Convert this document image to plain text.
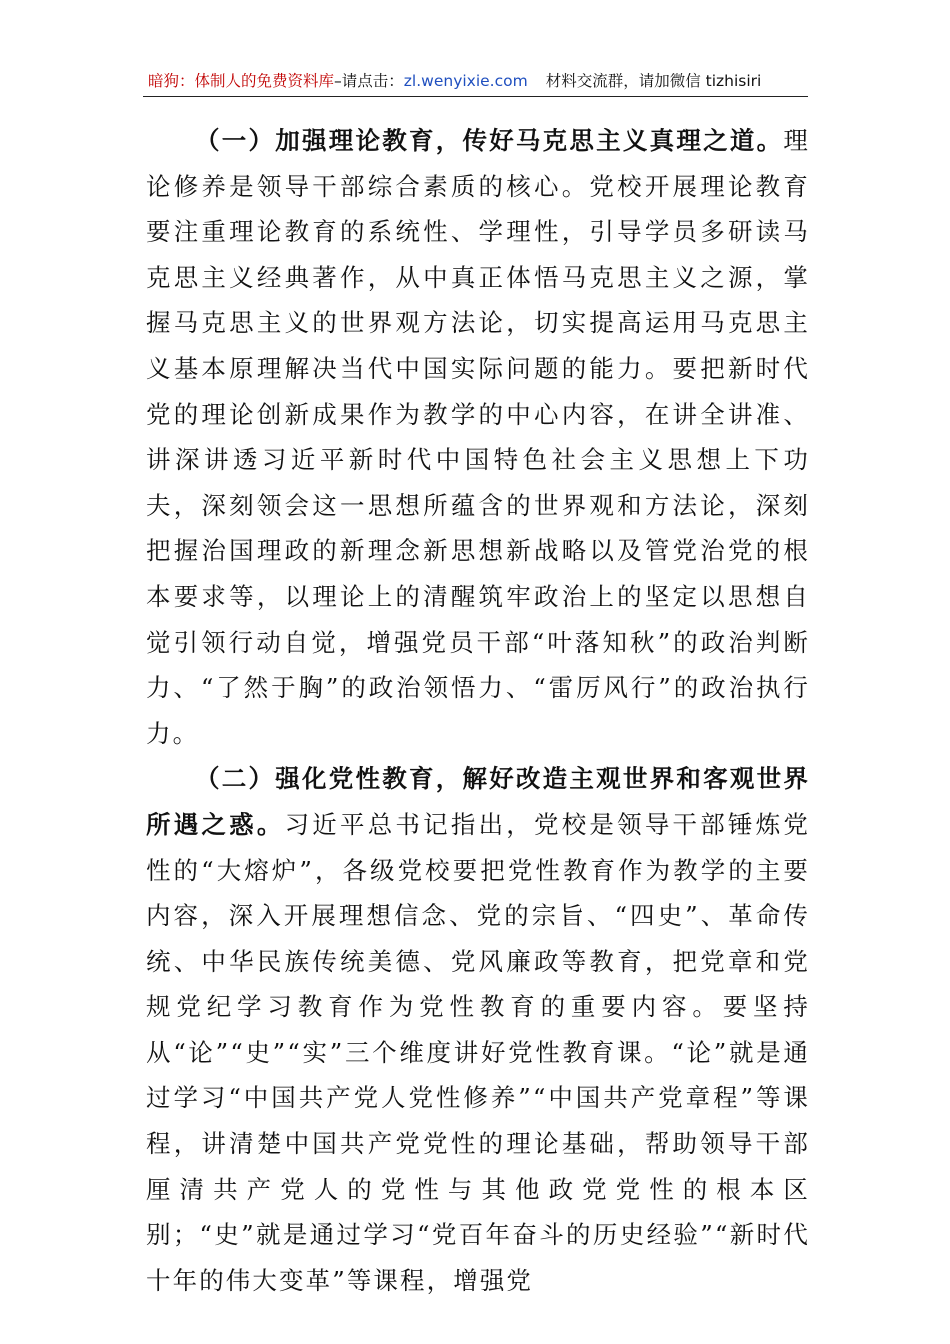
暗狗：体制人的免费资料库–请点击：zl.wenyixie.com 材料交流群，请加微信 tizhisiri

（一）加强理论教育，传好马克思主义真理之道。理论修养是领导干部综合素质的核心。党校开展理论教育要注重理论教育的系统性、学理性，引导学员多研读马克思主义经典著作，从中真正体悟马克思主义之源，掌握马克思主义的世界观方法论，切实提高运用马克思主义基本原理解决当代中国实际问题的能力。要把新时代党的理论创新成果作为教学的中心内容，在讲全讲准、讲深讲透习近平新时代中国特色社会主义思想上下功夫，深刻领会这一思想所蕴含的世界观和方法论，深刻把握治国理政的新理念新思想新战略以及管党治党的根本要求等，以理论上的清醒筑牢政治上的坚定以思想自觉引领行动自觉，增强党员干部“叶落知秋”的政治判断力、“了然于胸”的政治领悟力、“雷厉风行”的政治执行力。

（二）强化党性教育，解好改造主观世界和客观世界所遇之惑。习近平总书记指出，党校是领导干部锤炼党性的“大熔炉”，各级党校要把党性教育作为教学的主要内容，深入开展理想信念、党的宗旨、“四史”、革命传统、中华民族传统美德、党风廉政等教育，把党章和党规党纪学习教育作为党性教育的重要内容。要坚持从“论”“史”“实”三个维度讲好党性教育课。“论”就是通过学习“中国共产党人党性修养”“中国共产党章程”等课程，讲清楚中国共产党党性的理论基础，帮助领导干部厘清共产党人的党性与其他政党党性的根本区别；“史”就是通过学习“党百年奋斗的历史经验”“新时代十年的伟大变革”等课程，增强党
